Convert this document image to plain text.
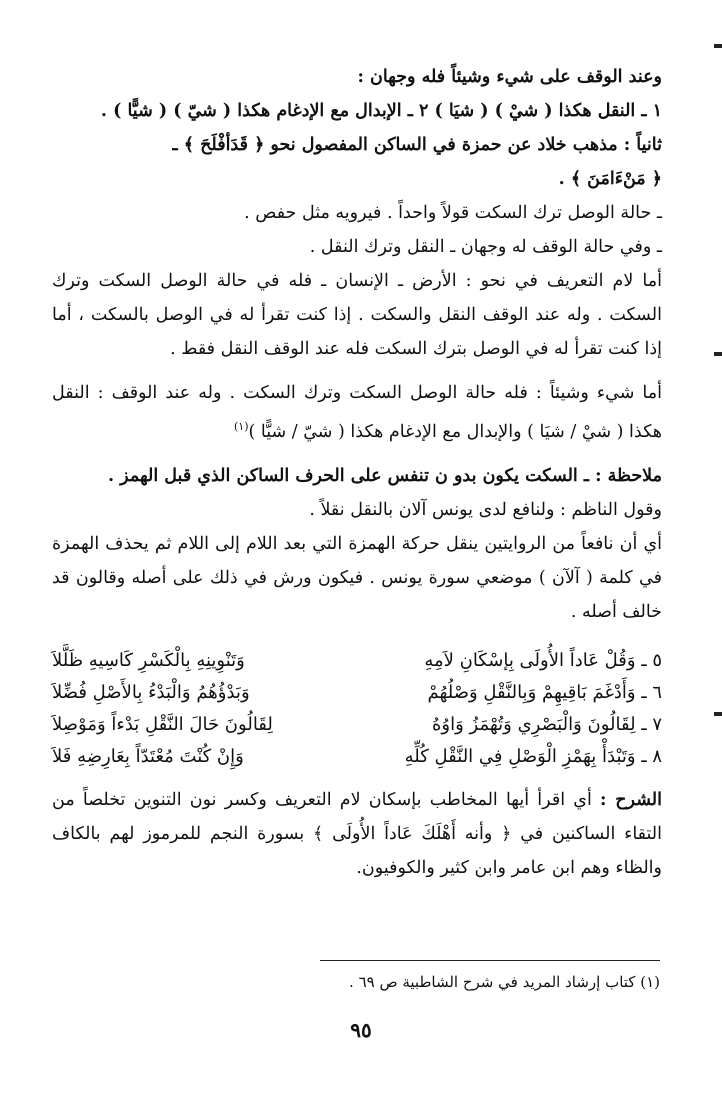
وعند الوقف على شيء وشيئاً فله وجهان :
١ ـ النقل هكذا ( شيْ ) ( شيَا ) ٢ ـ الإبدال مع الإدغام هكذا ( شيّ ) ( شيًّا ) .
ثانياً : مذهب خلاد عن حمزة في الساكن المفصول نحو ﴿ قَدَأفْلَحَ ﴾ ـ
﴿ مَنْءَامَنَ ﴾ .
ـ حالة الوصل ترك السكت قولاً واحداً . فيرويه مثل حفص .
ـ وفي حالة الوقف له وجهان ـ النقل وترك النقل .

أما لام التعريف في نحو : الأرض ـ الإنسان ـ فله في حالة الوصل السكت وترك السكت . وله عند الوقف النقل والسكت . إذا كنت تقرأ له في الوصل بالسكت ، أما إذا كنت تقرأ له في الوصل بترك السكت فله عند الوقف النقل فقط .

أما شيء وشيئاً : فله حالة الوصل السكت وترك السكت . وله عند الوقف : النقل هكذا ( شيْ / شيَا ) والإبدال مع الإدغام هكذا ( شيّ / شيًّا )$^{(١)}$

ملاحظة : ـ السكت يكون بدو ن تنفس على الحرف الساكن الذي قبل الهمز .
وقول الناظم : ولنافع لدى يونس آلان بالنقل نقلاً .

أي أن نافعاً من الروايتين ينقل حركة الهمزة التي بعد اللام إلى اللام ثم يحذف الهمزة في كلمة ( آلآن ) موضعي سورة يونس . فيكون ورش في ذلك على أصله وقالون قد خالف أصله .

٥ ـ وَقُلْ عَاداً الأُولَى بِإسْكَانِ لاَمِهِ
وَتَنْوِينِهِ بِالْكَسْرِ كَاسِيهِ ظَلَّلاَ
٦ ـ وَأَدْغَمَ بَاقِيهِمْ وَبِالنَّقْلِ وَصْلُهُمْ
وَبَدْؤُهُمُ وَالْبَدْءُ بِالأَصْلِ فُضِّلاَ
٧ ـ لِقَالُونَ وَالْبَصْرِي وَتُهْمَزُ وَاوُهُ
لِقَالُونَ حَالَ النَّقْلِ بَدْءاً وَمَوْصِلاَ
٨ ـ وَتَبْدَأْ بِهَمْزِ الْوَصْلِ فِي النَّقْلِ كُلِّهِ
وَإِنْ كُنْتَ مُعْتَدّاً بِعَارِضِهِ فَلاَ

الشرح : أي اقرأ أيها المخاطب بإسكان لام التعريف وكسر نون التنوين تخلصاً من التقاء الساكنين في ﴿ وأنه أَهْلَكَ عَاداً الأُولَى ﴾ بسورة النجم للمرموز لهم بالكاف والظاء وهم ابن عامر وابن كثير والكوفيون.

(١) كتاب إرشاد المريد في شرح الشاطبية ص ٦٩ .
٩٥
